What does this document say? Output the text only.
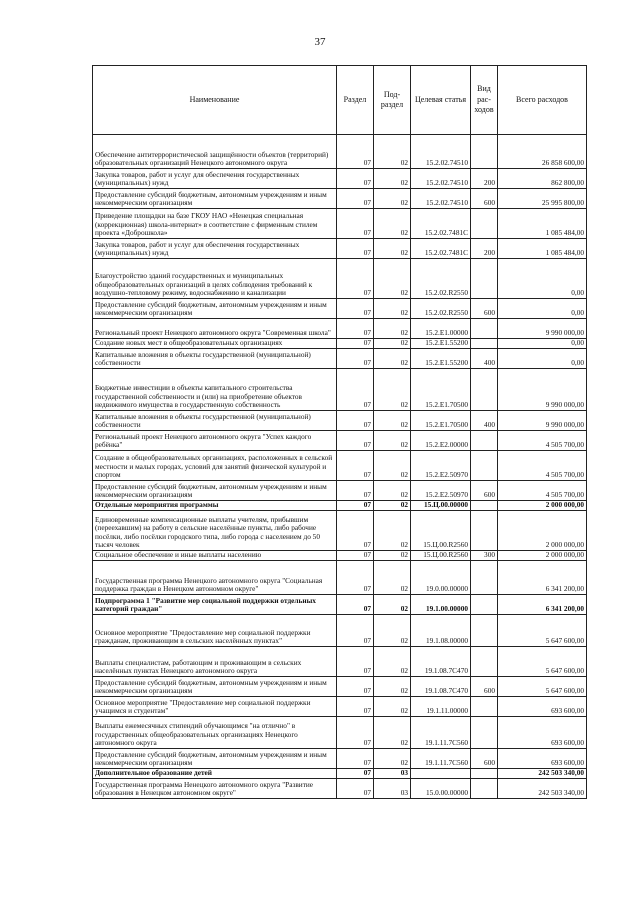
37
Наименование	Раздел	Под-раздел	Целевая статья	Вид рас-ходов	Всего расходов
Обеспечение антитеррористической защищённости объектов (территорий) образовательных организаций Ненецкого автономного округа	07	02	15.2.02.74510		26 858 600,00
Закупка товаров, работ и услуг для обеспечения государственных (муниципальных) нужд	07	02	15.2.02.74510	200	862 800,00
Предоставление субсидий бюджетным, автономным учреждениям и иным некоммерческим организациям	07	02	15.2.02.74510	600	25 995 800,00
Приведение площадки на базе ГКОУ НАО «Ненецкая специальная (коррекционная) школа-интернат» в соответствие с фирменным стилем проекта «Доброшкола»	07	02	15.2.02.7481С		1 085 484,00
Закупка товаров, работ и услуг для обеспечения государственных (муниципальных) нужд	07	02	15.2.02.7481С	200	1 085 484,00
Благоустройство зданий государственных и муниципальных общеобразовательных организаций в целях соблюдения требований к воздушно-тепловому режиму, водоснабжению и канализации	07	02	15.2.02.R2550		0,00
Предоставление субсидий бюджетным, автономным учреждениям и иным некоммерческим организациям	07	02	15.2.02.R2550	600	0,00
Региональный проект Ненецкого автономного округа "Современная школа"	07	02	15.2.Е1.00000		9 990 000,00
Создание новых мест в общеобразовательных организациях	07	02	15.2.Е1.55200		0,00
Капитальные вложения в объекты государственной (муниципальной) собственности	07	02	15.2.Е1.55200	400	0,00
Бюджетные инвестиции в объекты капитального строительства государственной собственности и (или) на приобретение объектов недвижимого имущества в государственную собственность	07	02	15.2.Е1.70500		9 990 000,00
Капитальные вложения в объекты государственной (муниципальной) собственности	07	02	15.2.Е1.70500	400	9 990 000,00
Региональный проект Ненецкого автономного округа "Успех каждого ребёнка"	07	02	15.2.Е2.00000		4 505 700,00
Создание в общеобразовательных организациях, расположенных в сельской местности и малых городах, условий для занятий физической культурой и спортом	07	02	15.2.Е2.50970		4 505 700,00
Предоставление субсидий бюджетным, автономным учреждениям и иным некоммерческим организациям	07	02	15.2.Е2.50970	600	4 505 700,00
Отдельные мероприятия программы	07	02	15.Ц.00.00000		2 000 000,00
Единовременные компенсационные выплаты учителям, прибывшим (переехавшим) на работу в сельские населённые пункты, либо рабочие посёлки, либо посёлки городского типа, либо города с населением до 50 тысяч человек	07	02	15.Ц.00.R2560		2 000 000,00
Социальное обеспечение и иные выплаты населению	07	02	15.Ц.00.R2560	300	2 000 000,00
Государственная программа Ненецкого автономного округа "Социальная поддержка граждан в Ненецком автономном округе"	07	02	19.0.00.00000		6 341 200,00
Подпрограмма 1 "Развитие мер социальной поддержки отдельных категорий граждан"	07	02	19.1.00.00000		6 341 200,00
Основное мероприятие "Предоставление мер социальной поддержки гражданам, проживающим в сельских населённых пунктах"	07	02	19.1.08.00000		5 647 600,00
Выплаты специалистам, работающим и проживающим в сельских населённых пунктах Ненецкого автономного округа	07	02	19.1.08.7С470		5 647 600,00
Предоставление субсидий бюджетным, автономным учреждениям и иным некоммерческим организациям	07	02	19.1.08.7С470	600	5 647 600,00
Основное мероприятие "Предоставление мер социальной поддержки учащимся и студентам"	07	02	19.1.11.00000		693 600,00
Выплаты ежемесячных стипендий обучающимся "на отлично" в государственных общеобразовательных организациях Ненецкого автономного округа	07	02	19.1.11.7С560		693 600,00
Предоставление субсидий бюджетным, автономным учреждениям и иным некоммерческим организациям	07	02	19.1.11.7С560	600	693 600,00
Дополнительное образование детей	07	03			242 503 340,00
Государственная программа Ненецкого автономного округа "Развитие образования в Ненецком автономном округе"	07	03	15.0.00.00000		242 503 340,00
